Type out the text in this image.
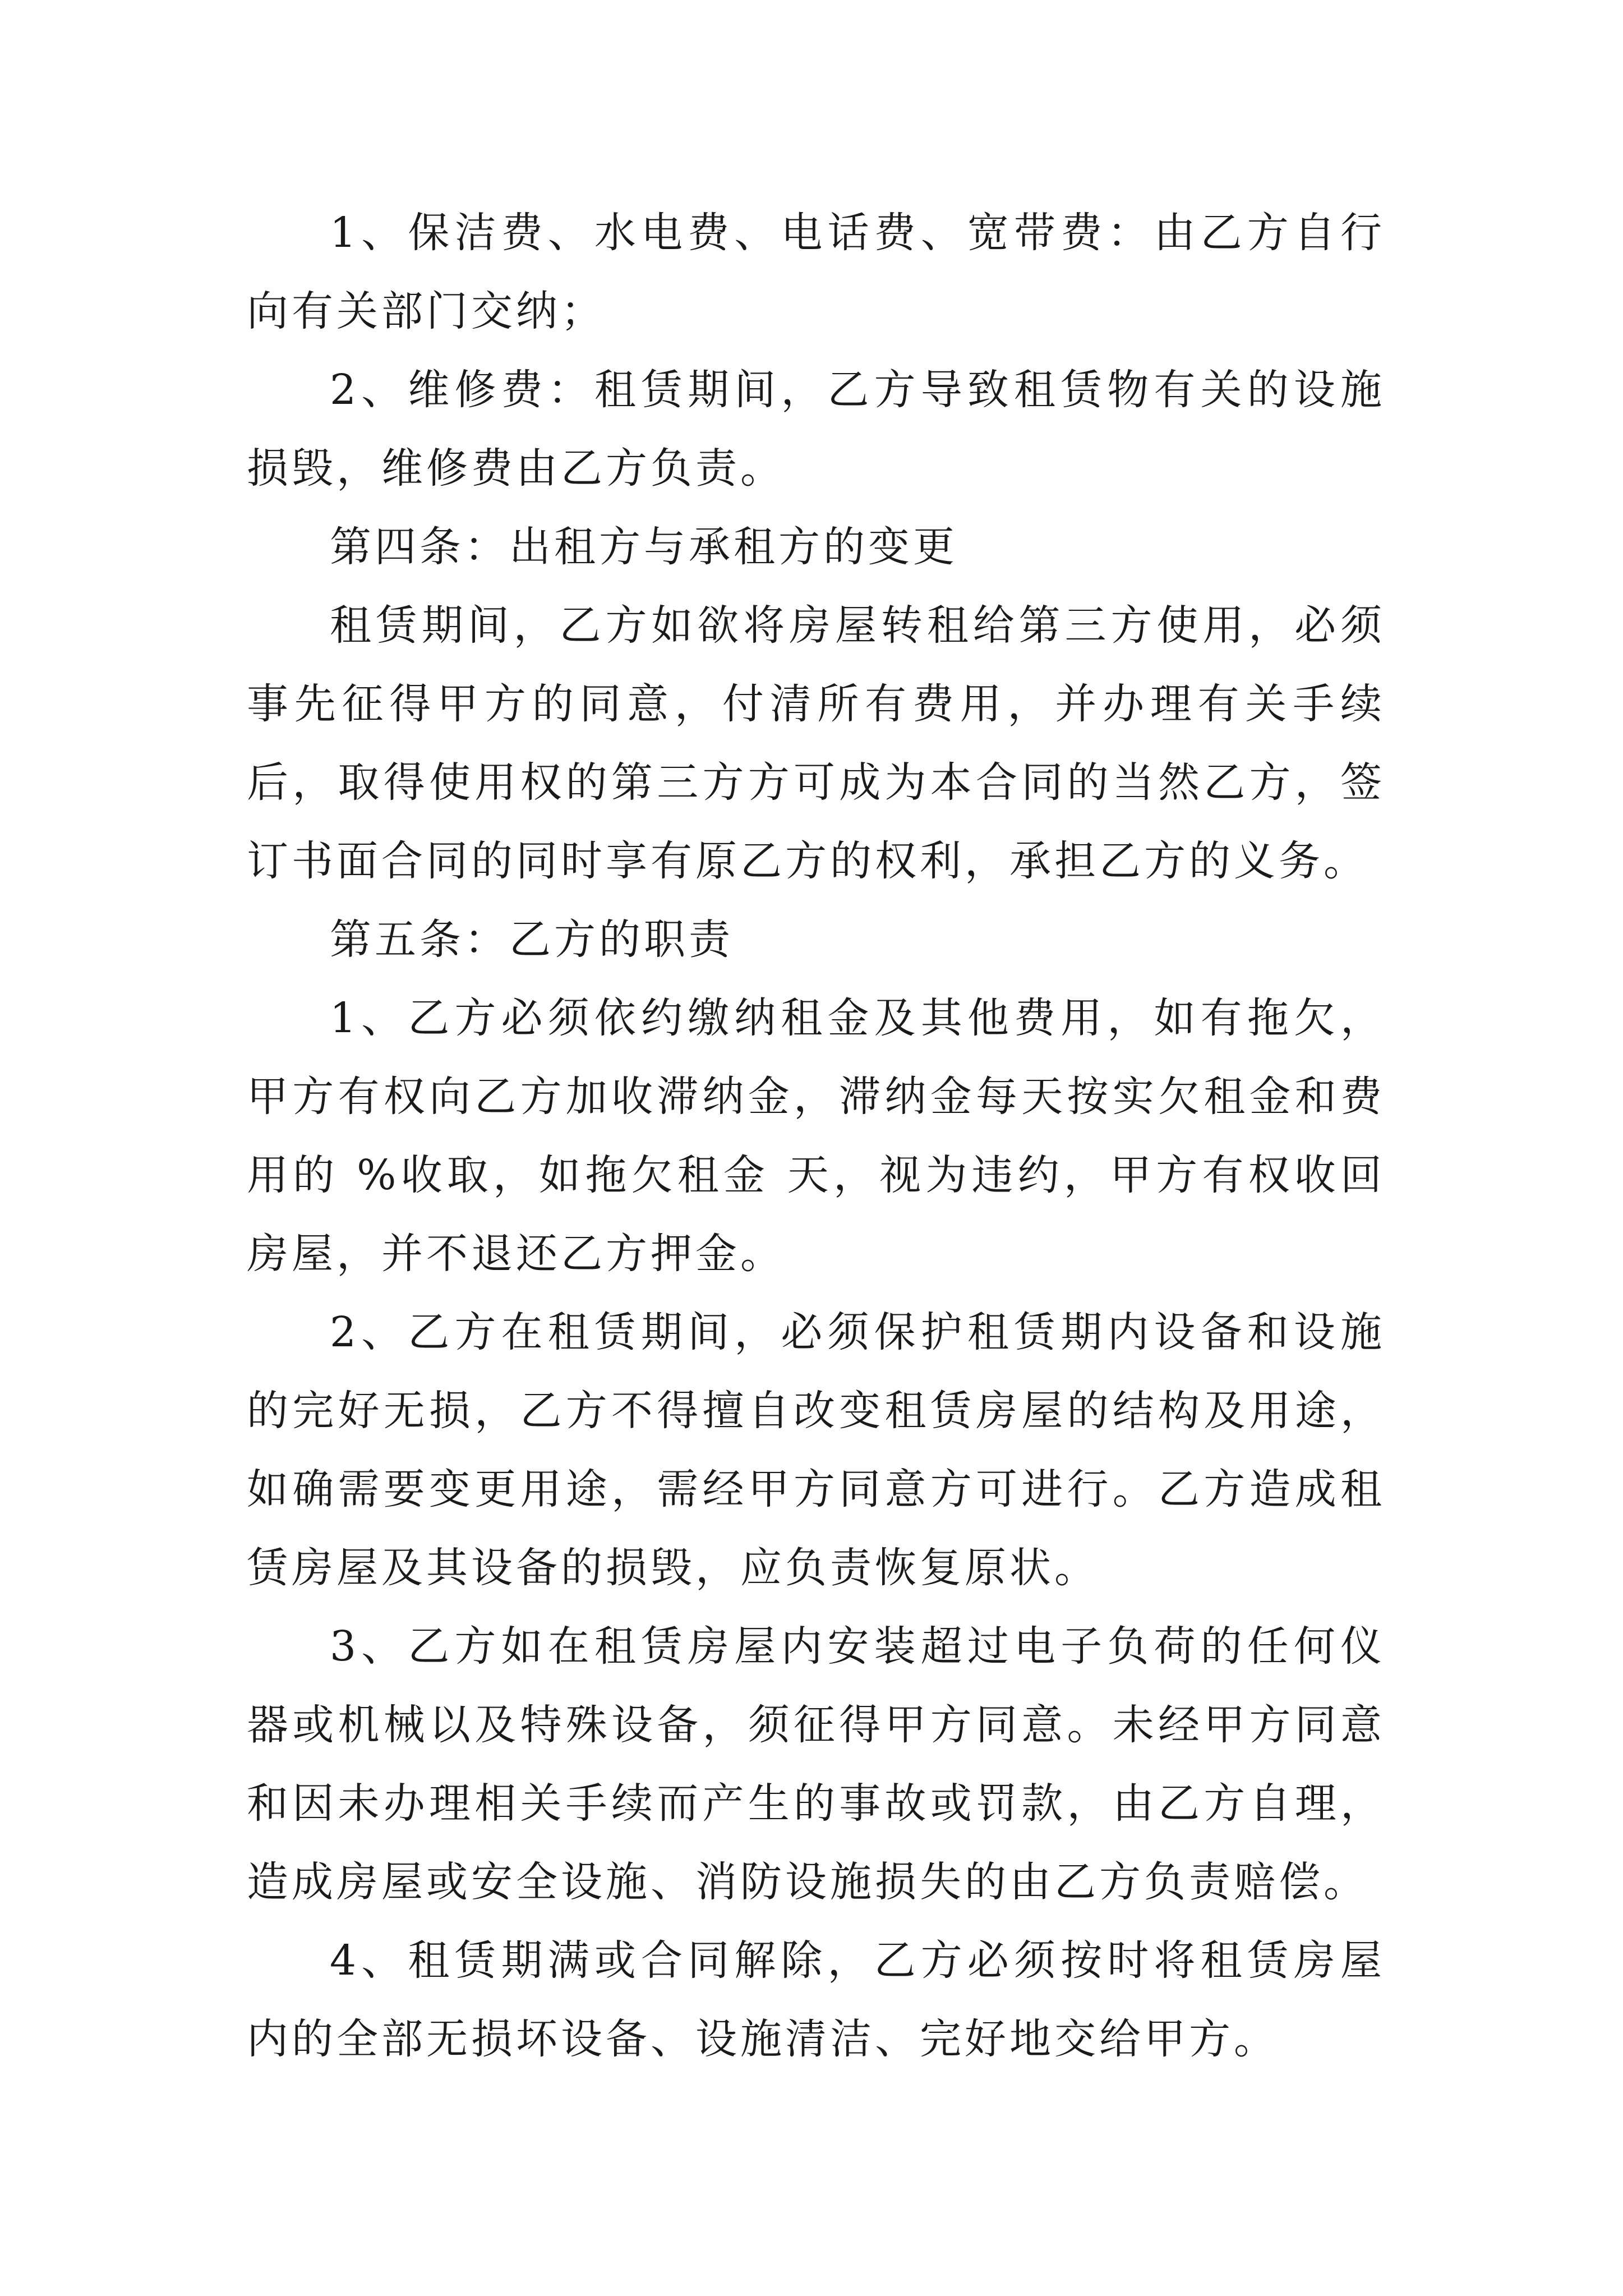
1、保洁费、水电费、电话费、宽带费：由乙方自行向有关部门交纳；

2、维修费：租赁期间，乙方导致租赁物有关的设施损毁，维修费由乙方负责。

第四条：出租方与承租方的变更

租赁期间，乙方如欲将房屋转租给第三方使用，必须事先征得甲方的同意，付清所有费用，并办理有关手续后，取得使用权的第三方方可成为本合同的当然乙方，签订书面合同的同时享有原乙方的权利，承担乙方的义务。

第五条：乙方的职责

1、乙方必须依约缴纳租金及其他费用，如有拖欠，甲方有权向乙方加收滞纳金，滞纳金每天按实欠租金和费用的 %收取，如拖欠租金 天，视为违约，甲方有权收回房屋，并不退还乙方押金。

2、乙方在租赁期间，必须保护租赁期内设备和设施的完好无损，乙方不得擅自改变租赁房屋的结构及用途，如确需要变更用途，需经甲方同意方可进行。乙方造成租赁房屋及其设备的损毁，应负责恢复原状。

3、乙方如在租赁房屋内安装超过电子负荷的任何仪器或机械以及特殊设备，须征得甲方同意。未经甲方同意和因未办理相关手续而产生的事故或罚款，由乙方自理，造成房屋或安全设施、消防设施损失的由乙方负责赔偿。

4、租赁期满或合同解除，乙方必须按时将租赁房屋内的全部无损坏设备、设施清洁、完好地交给甲方。
